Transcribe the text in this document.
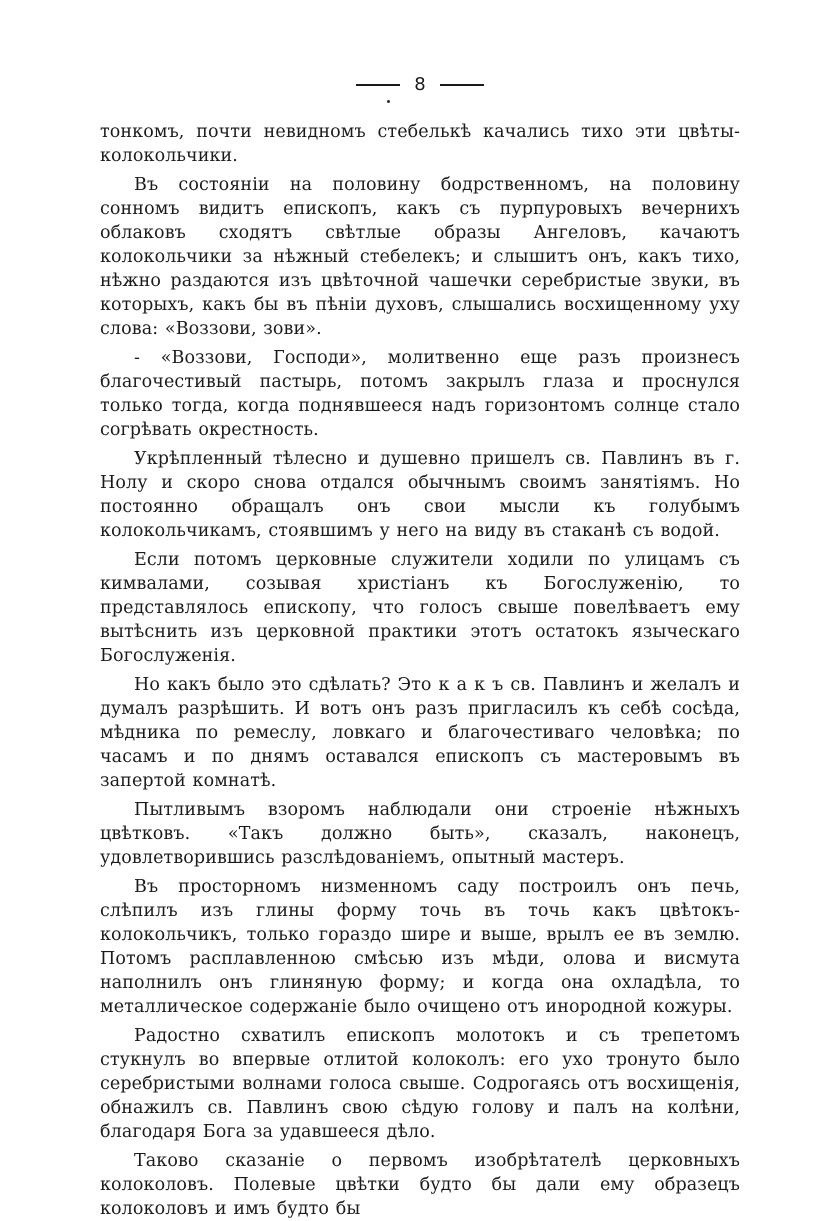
8

тонкомъ, почти невидномъ стебелькѣ качались тихо эти цвѣты-колокольчики.

Въ состоянiи на половину бодрственномъ, на половину сонномъ видитъ епископъ, какъ съ пурпуровыхъ вечернихъ облаковъ сходятъ свѣтлые образы Ангеловъ, качаютъ колокольчики за нѣжный стебелекъ; и слышитъ онъ, какъ тихо, нѣжно раздаются изъ цвѣточной чашечки серебристые звуки, въ которыхъ, какъ бы въ пѣнiи духовъ, слышались восхищенному уху слова: «Воззови, зови».

- «Воззови, Господи», молитвенно еще разъ произнесъ благочестивый пастырь, потомъ закрылъ глаза и проснулся только тогда, когда поднявшееся надъ горизонтомъ солнце стало согрѣвать окрестность.

Укрѣпленный тѣлесно и душевно пришелъ св. Павлинъ въ г. Нолу и скоро снова отдался обычнымъ своимъ занятiямъ. Но постоянно обращалъ онъ свои мысли къ голубымъ колокольчикамъ, стоявшимъ у него на виду въ стаканѣ съ водой.

Если потомъ церковные служители ходили по улицамъ съ кимвалами, созывая христiанъ къ Богослуженiю, то представлялось епископу, что голосъ свыше повелѣваетъ ему вытѣснить изъ церковной практики этотъ остатокъ языческаго Богослуженiя.

Но какъ было это сдѣлать? Это к а к ъ св. Павлинъ и желалъ и думалъ разрѣшить. И вотъ онъ разъ пригласилъ къ себѣ сосѣда, мѣдника по ремеслу, ловкаго и благочестиваго человѣка; по часамъ и по днямъ оставался епископъ съ мастеровымъ въ запертой комнатѣ.

Пытливымъ взоромъ наблюдали они строенiе нѣжныхъ цвѣтковъ. «Такъ должно быть», сказалъ, наконецъ, удовлетворившись разслѣдованiемъ, опытный мастеръ.

Въ просторномъ низменномъ саду построилъ онъ печь, слѣпилъ изъ глины форму точь въ точь какъ цвѣтокъ-колокольчикъ, только гораздо шире и выше, врылъ ее въ землю. Потомъ расплавленною смѣсью изъ мѣди, олова и висмута наполнилъ онъ глиняную форму; и когда она охладѣла, то металлическое содержанiе было очищено отъ инородной кожуры.

Радостно схватилъ епископъ молотокъ и съ трепетомъ стукнулъ во впервые отлитой колоколъ: его ухо тронуто было серебристыми волнами голоса свыше. Содрогаясь отъ восхищенiя, обнажилъ св. Павлинъ свою сѣдую голову и палъ на колѣни, благодаря Бога за удавшееся дѣло.

Таково сказанiе о первомъ изобрѣтателѣ церковныхъ колоколовъ. Полевые цвѣтки будто бы дали ему образецъ колоколовъ и имъ будто бы
